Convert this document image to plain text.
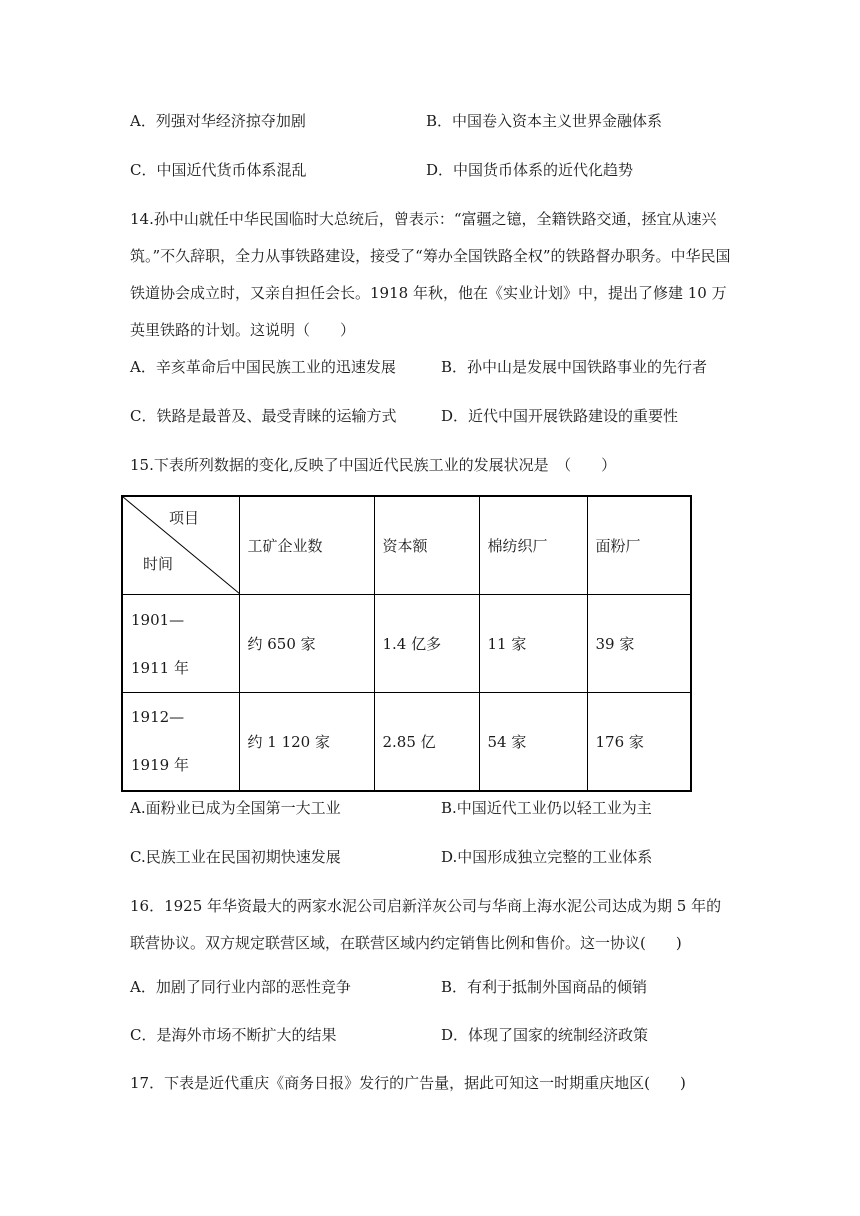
A．列强对华经济掠夺加剧	B．中国卷入资本主义世界金融体系
C．中国近代货币体系混乱	D．中国货币体系的近代化趋势
14.孙中山就任中华民国临时大总统后，曾表示：“富疆之镱，全籍铁路交通，拯宜从速兴筑。”不久辞职，全力从事铁路建设，接受了“筹办全国铁路全权”的铁路督办职务。中华民国铁道协会成立时，又亲自担任会长。1918 年秋，他在《实业计划》中，提出了修建 10 万英里铁路的计划。这说明（　　）
A．辛亥革命后中国民族工业的迅速发展	B．孙中山是发展中国铁路事业的先行者
C．铁路是最普及、最受青睐的运输方式	D．近代中国开展铁路建设的重要性
15.下表所列数据的变化,反映了中国近代民族工业的发展状况是　（　　）
项目
时间	工矿企业数	资本额	棉纺织厂	面粉厂

1901—
1911 年	约 650 家	1.4 亿多	11 家	39 家

1912—
1919 年	约 1 120 家	2.85 亿	54 家	176 家
A.面粉业已成为全国第一大工业	B.中国近代工业仍以轻工业为主
C.民族工业在民国初期快速发展	D.中国形成独立完整的工业体系
16．1925 年华资最大的两家水泥公司启新洋灰公司与华商上海水泥公司达成为期 5 年的联营协议。双方规定联营区域，在联营区域内约定销售比例和售价。这一协议(　　)
A．加剧了同行业内部的恶性竞争	B．有利于抵制外国商品的倾销
C．是海外市场不断扩大的结果	D．体现了国家的统制经济政策
17．下表是近代重庆《商务日报》发行的广告量，据此可知这一时期重庆地区(　　)
